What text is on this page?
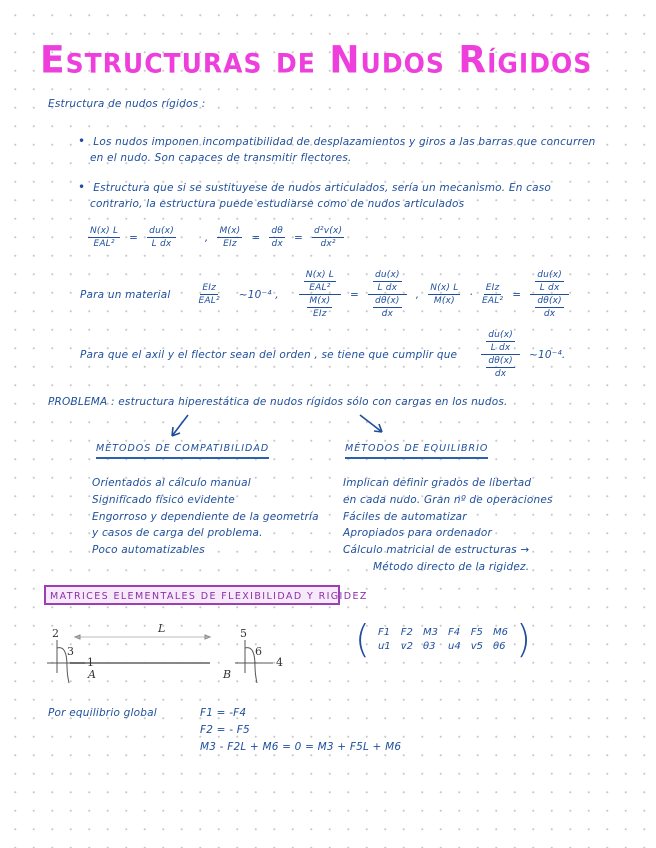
Estructuras de Nudos Rígidos
Estructura de nudos rígidos :
• Los nudos imponen incompatibilidad de desplazamientos y giros a las barras que concurren
en el nudo. Son capaces de transmitir flectores.
• Estructura que si se sustituyese de nudos articulados, sería un mecanismo. En caso
contrario, la estructura puede estudiarse como de nudos articulados
$\frac{N(x) L}{\text{EAL²}} = \frac{du(x)}{\text{L dx}}$	, $\frac{M(x)}{\text{EIz}} = \frac{d\theta}{dx} = \frac{\text{d²v(x)}}{\text{dx²}}$
Para un material	$\frac{\text{EIz}}{\text{EAL²}}$ ~10⁻⁴ , $\frac{\frac{N(x) L}{\text{EAL²}}}{\frac{M(x)}{\text{EIz}}} = \frac{\frac{du(x)}{\text{L dx}}}{\frac{d\theta(x)}{dx}}$ , $\frac{N(x) L}{M(x)} \cdot \frac{\text{EIz}}{\text{EAL²}} = \frac{\frac{du(x)}{\text{L dx}}}{\frac{d\theta(x)}{dx}}$
Para que el axil y el flector sean del orden , se tiene que cumplir que	$\frac{\frac{du(x)}{\text{L dx}}}{\frac{d\theta(x)}{dx}}$ ~10⁻⁴.
PROBLEMA : estructura hiperestática de nudos rígidos sólo con cargas en los nudos.
MÉTODOS DE COMPATIBILIDAD	MÉTODOS DE EQUILIBRIO
Orientados al cálculo manual
Significado físico evidente
Engorroso y dependiente de la geometría
y casos de carga del problema.
Poco automatizables
Implican definir grados de libertad
en cada nudo. Gran nº de operaciones
Fáciles de automatizar
Apropiados para ordenador
Cálculo matricial de estructuras →
Método directo de la rigidez.
MATRICES ELEMENTALES DE FLEXIBILIDAD Y RIGIDEZ
2
3
1
A
L
B
5
6
4
( F1	F2	M3	F4	F5	M6
u1	v2	θ3	u4	v5	θ6 )
Por equilibrio global	F1 = -F4
F2 = - F5
M3 - F2L + M6 = 0 = M3 + F5L + M6
